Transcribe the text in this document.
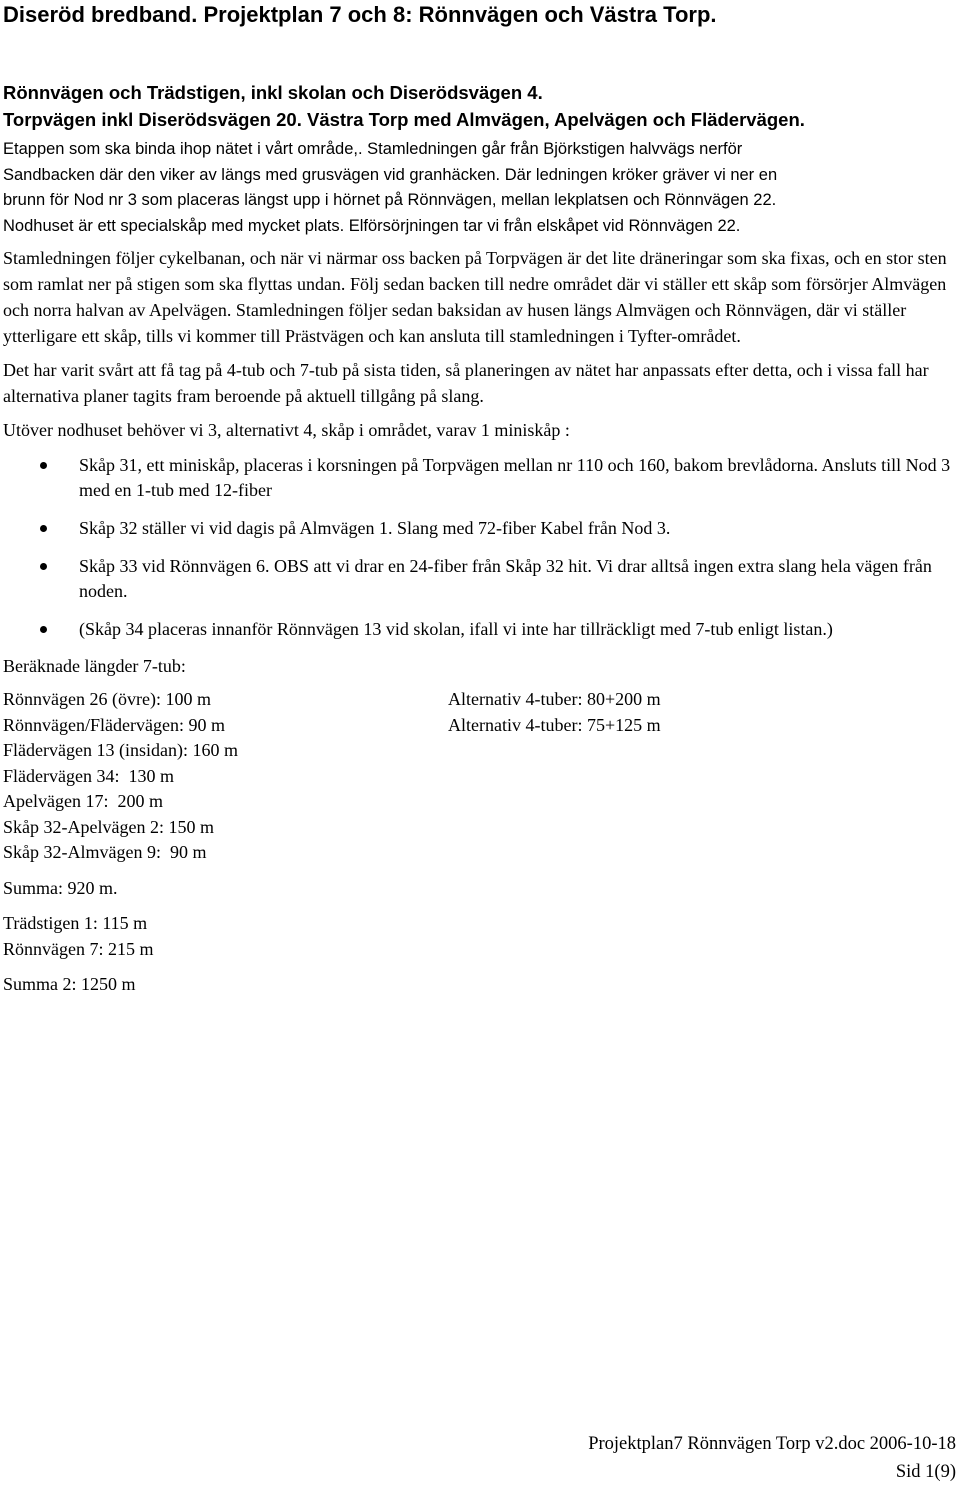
Diseröd bredband. Projektplan 7 och 8: Rönnvägen och Västra Torp.
Rönnvägen och Trädstigen, inkl skolan och Diserödsvägen 4.
Torpvägen inkl Diserödsvägen 20. Västra Torp med Almvägen, Apelvägen och Flädervägen.
Etappen som ska binda ihop nätet i vårt område,. Stamledningen går från Björkstigen halvvägs nerför
Sandbacken där den viker av längs med grusvägen vid granhäcken. Där ledningen kröker gräver vi ner en
brunn för Nod nr 3 som placeras längst upp i hörnet på Rönnvägen, mellan lekplatsen och Rönnvägen 22.
Nodhuset är ett specialskåp med mycket plats. Elförsörjningen tar vi från elskåpet vid Rönnvägen 22.

Stamledningen följer cykelbanan, och när vi närmar oss backen på Torpvägen är det lite dräneringar som ska fixas, och en stor sten som ramlat ner på stigen som ska flyttas undan. Följ sedan backen till nedre området där vi ställer ett skåp som försörjer Almvägen och norra halvan av Apelvägen. Stamledningen följer sedan baksidan av husen längs Almvägen och Rönnvägen, där vi ställer ytterligare ett skåp, tills vi kommer till Prästvägen och kan ansluta till stamledningen i Tyfter-området.

Det har varit svårt att få tag på 4-tub och 7-tub på sista tiden, så planeringen av nätet har anpassats efter detta, och i vissa fall har alternativa planer tagits fram beroende på aktuell tillgång på slang.

Utöver nodhuset behöver vi 3, alternativt 4, skåp i området, varav 1 miniskåp :

Skåp 31, ett miniskåp, placeras i korsningen på Torpvägen mellan nr 110 och 160, bakom brevlådorna. Ansluts till Nod 3 med en 1-tub med 12-fiber
Skåp 32 ställer vi vid dagis på Almvägen 1. Slang med 72-fiber Kabel från Nod 3.
Skåp 33 vid Rönnvägen 6. OBS att vi drar en 24-fiber från Skåp 32 hit. Vi drar alltså ingen extra slang hela vägen från noden.
(Skåp 34 placeras innanför Rönnvägen 13 vid skolan, ifall vi inte har tillräckligt med 7-tub enligt listan.)

Beräknade längder 7-tub:

Rönnvägen 26 (övre): 100 m
Rönnvägen/Flädervägen: 90 m
Flädervägen 13 (insidan): 160 m
Flädervägen 34:  130 m
Apelvägen 17:  200 m
Skåp 32-Apelvägen 2: 150 m
Skåp 32-Almvägen 9:  90 m
Alternativ 4-tuber: 80+200 m
Alternativ 4-tuber: 75+125 m
Summa: 920 m.
Trädstigen 1: 115 m
Rönnvägen 7: 215 m
Summa 2: 1250 m
Projektplan7 Rönnvägen Torp v2.doc 2006-10-18
Sid 1(9)
